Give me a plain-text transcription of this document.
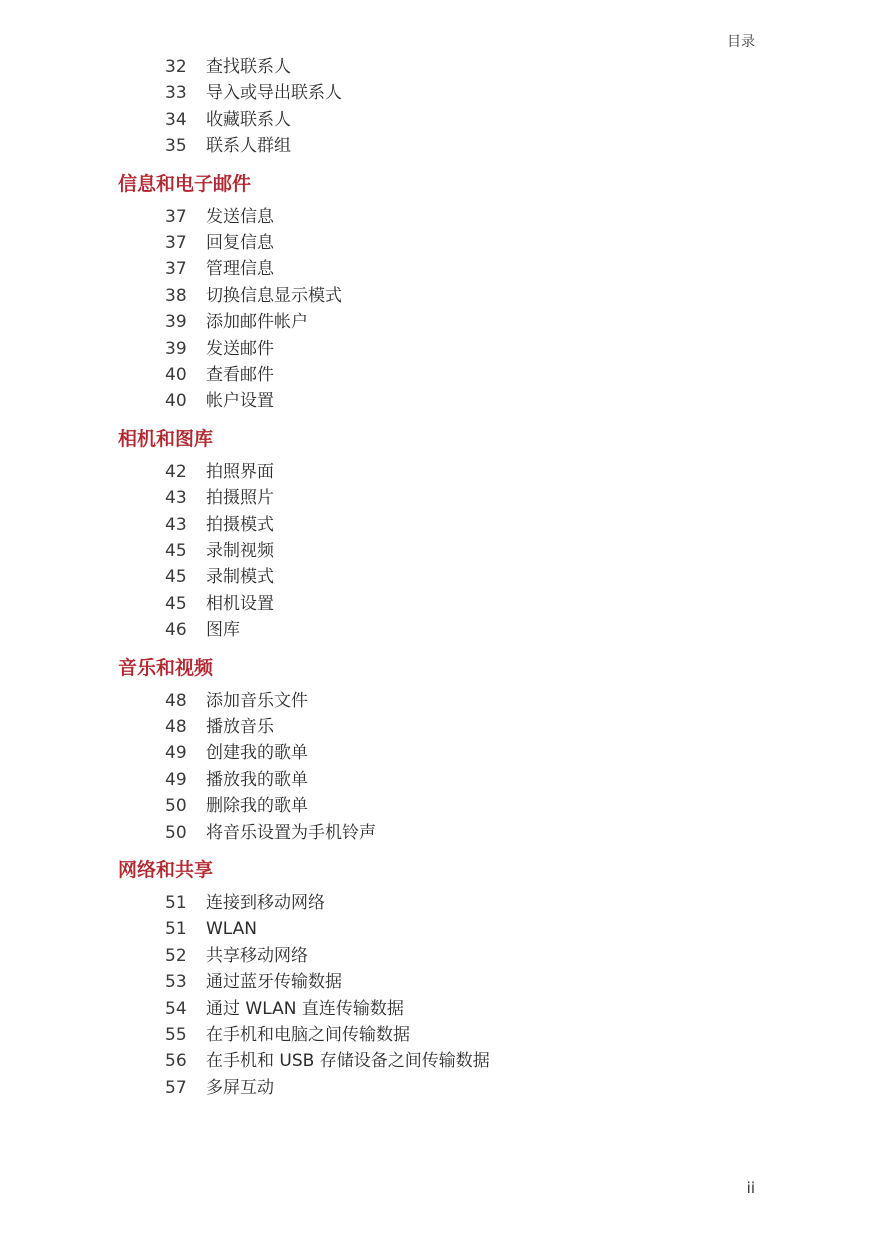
目录
32 查找联系人
33 导入或导出联系人
34 收藏联系人
35 联系人群组
信息和电子邮件
37 发送信息
37 回复信息
37 管理信息
38 切换信息显示模式
39 添加邮件帐户
39 发送邮件
40 查看邮件
40 帐户设置
相机和图库
42 拍照界面
43 拍摄照片
43 拍摄模式
45 录制视频
45 录制模式
45 相机设置
46 图库
音乐和视频
48 添加音乐文件
48 播放音乐
49 创建我的歌单
49 播放我的歌单
50 删除我的歌单
50 将音乐设置为手机铃声
网络和共享
51 连接到移动网络
51 WLAN
52 共享移动网络
53 通过蓝牙传输数据
54 通过 WLAN 直连传输数据
55 在手机和电脑之间传输数据
56 在手机和 USB 存储设备之间传输数据
57 多屏互动
ii
